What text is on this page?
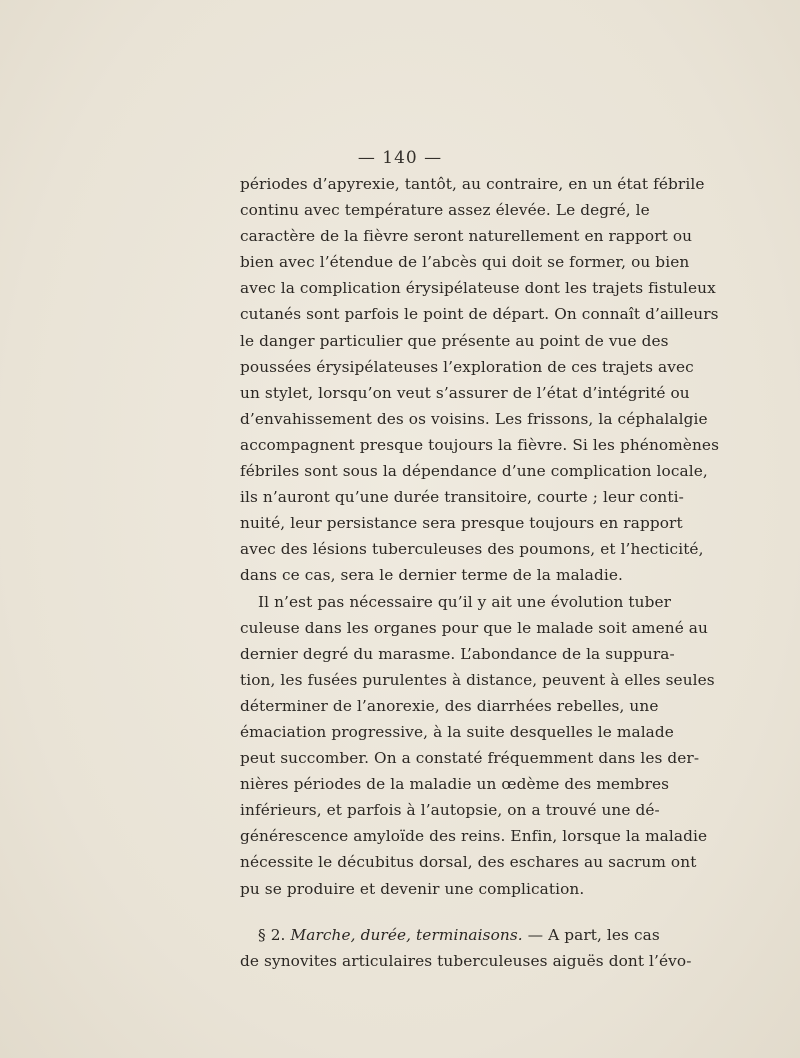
— 140 —
périodes d’apyrexie, tantôt, au contraire, en un état fébrile
continu avec température assez élevée. Le degré, le
caractère de la fièvre seront naturellement en rapport ou
bien avec l’étendue de l’abcès qui doit se former, ou bien
avec la complication érysipélateuse dont les trajets fistuleux
cutanés sont parfois le point de départ. On connaît d’ailleurs
le danger particulier que présente au point de vue des
poussées érysipélateuses l’exploration de ces trajets avec
un stylet, lorsqu’on veut s’assurer de l’état d’intégrité ou
d’envahissement des os voisins. Les frissons, la céphalalgie
accompagnent presque toujours la fièvre. Si les phénomènes
fébriles sont sous la dépendance d’une complication locale,
ils n’auront qu’une durée transitoire, courte ; leur conti-
nuité, leur persistance sera presque toujours en rapport
avec des lésions tuberculeuses des poumons, et l’hecticité,
dans ce cas, sera le dernier terme de la maladie.
Il n’est pas nécessaire qu’il y ait une évolution tuber
culeuse dans les organes pour que le malade soit amené au
dernier degré du marasme. L’abondance de la suppura-
tion, les fusées purulentes à distance, peuvent à elles seules
déterminer de l’anorexie, des diarrhées rebelles, une
émaciation progressive, à la suite desquelles le malade
peut succomber. On a constaté fréquemment dans les der-
nières périodes de la maladie un œdème des membres
inférieurs, et parfois à l’autopsie, on a trouvé une dé-
générescence amyloïde des reins. Enfin, lorsque la maladie
nécessite le décubitus dorsal, des eschares au sacrum ont
pu se produire et devenir une complication.
§ 2. Marche, durée, terminaisons. — A part, les cas
de synovites articulaires tuberculeuses aiguës dont l’évo-
